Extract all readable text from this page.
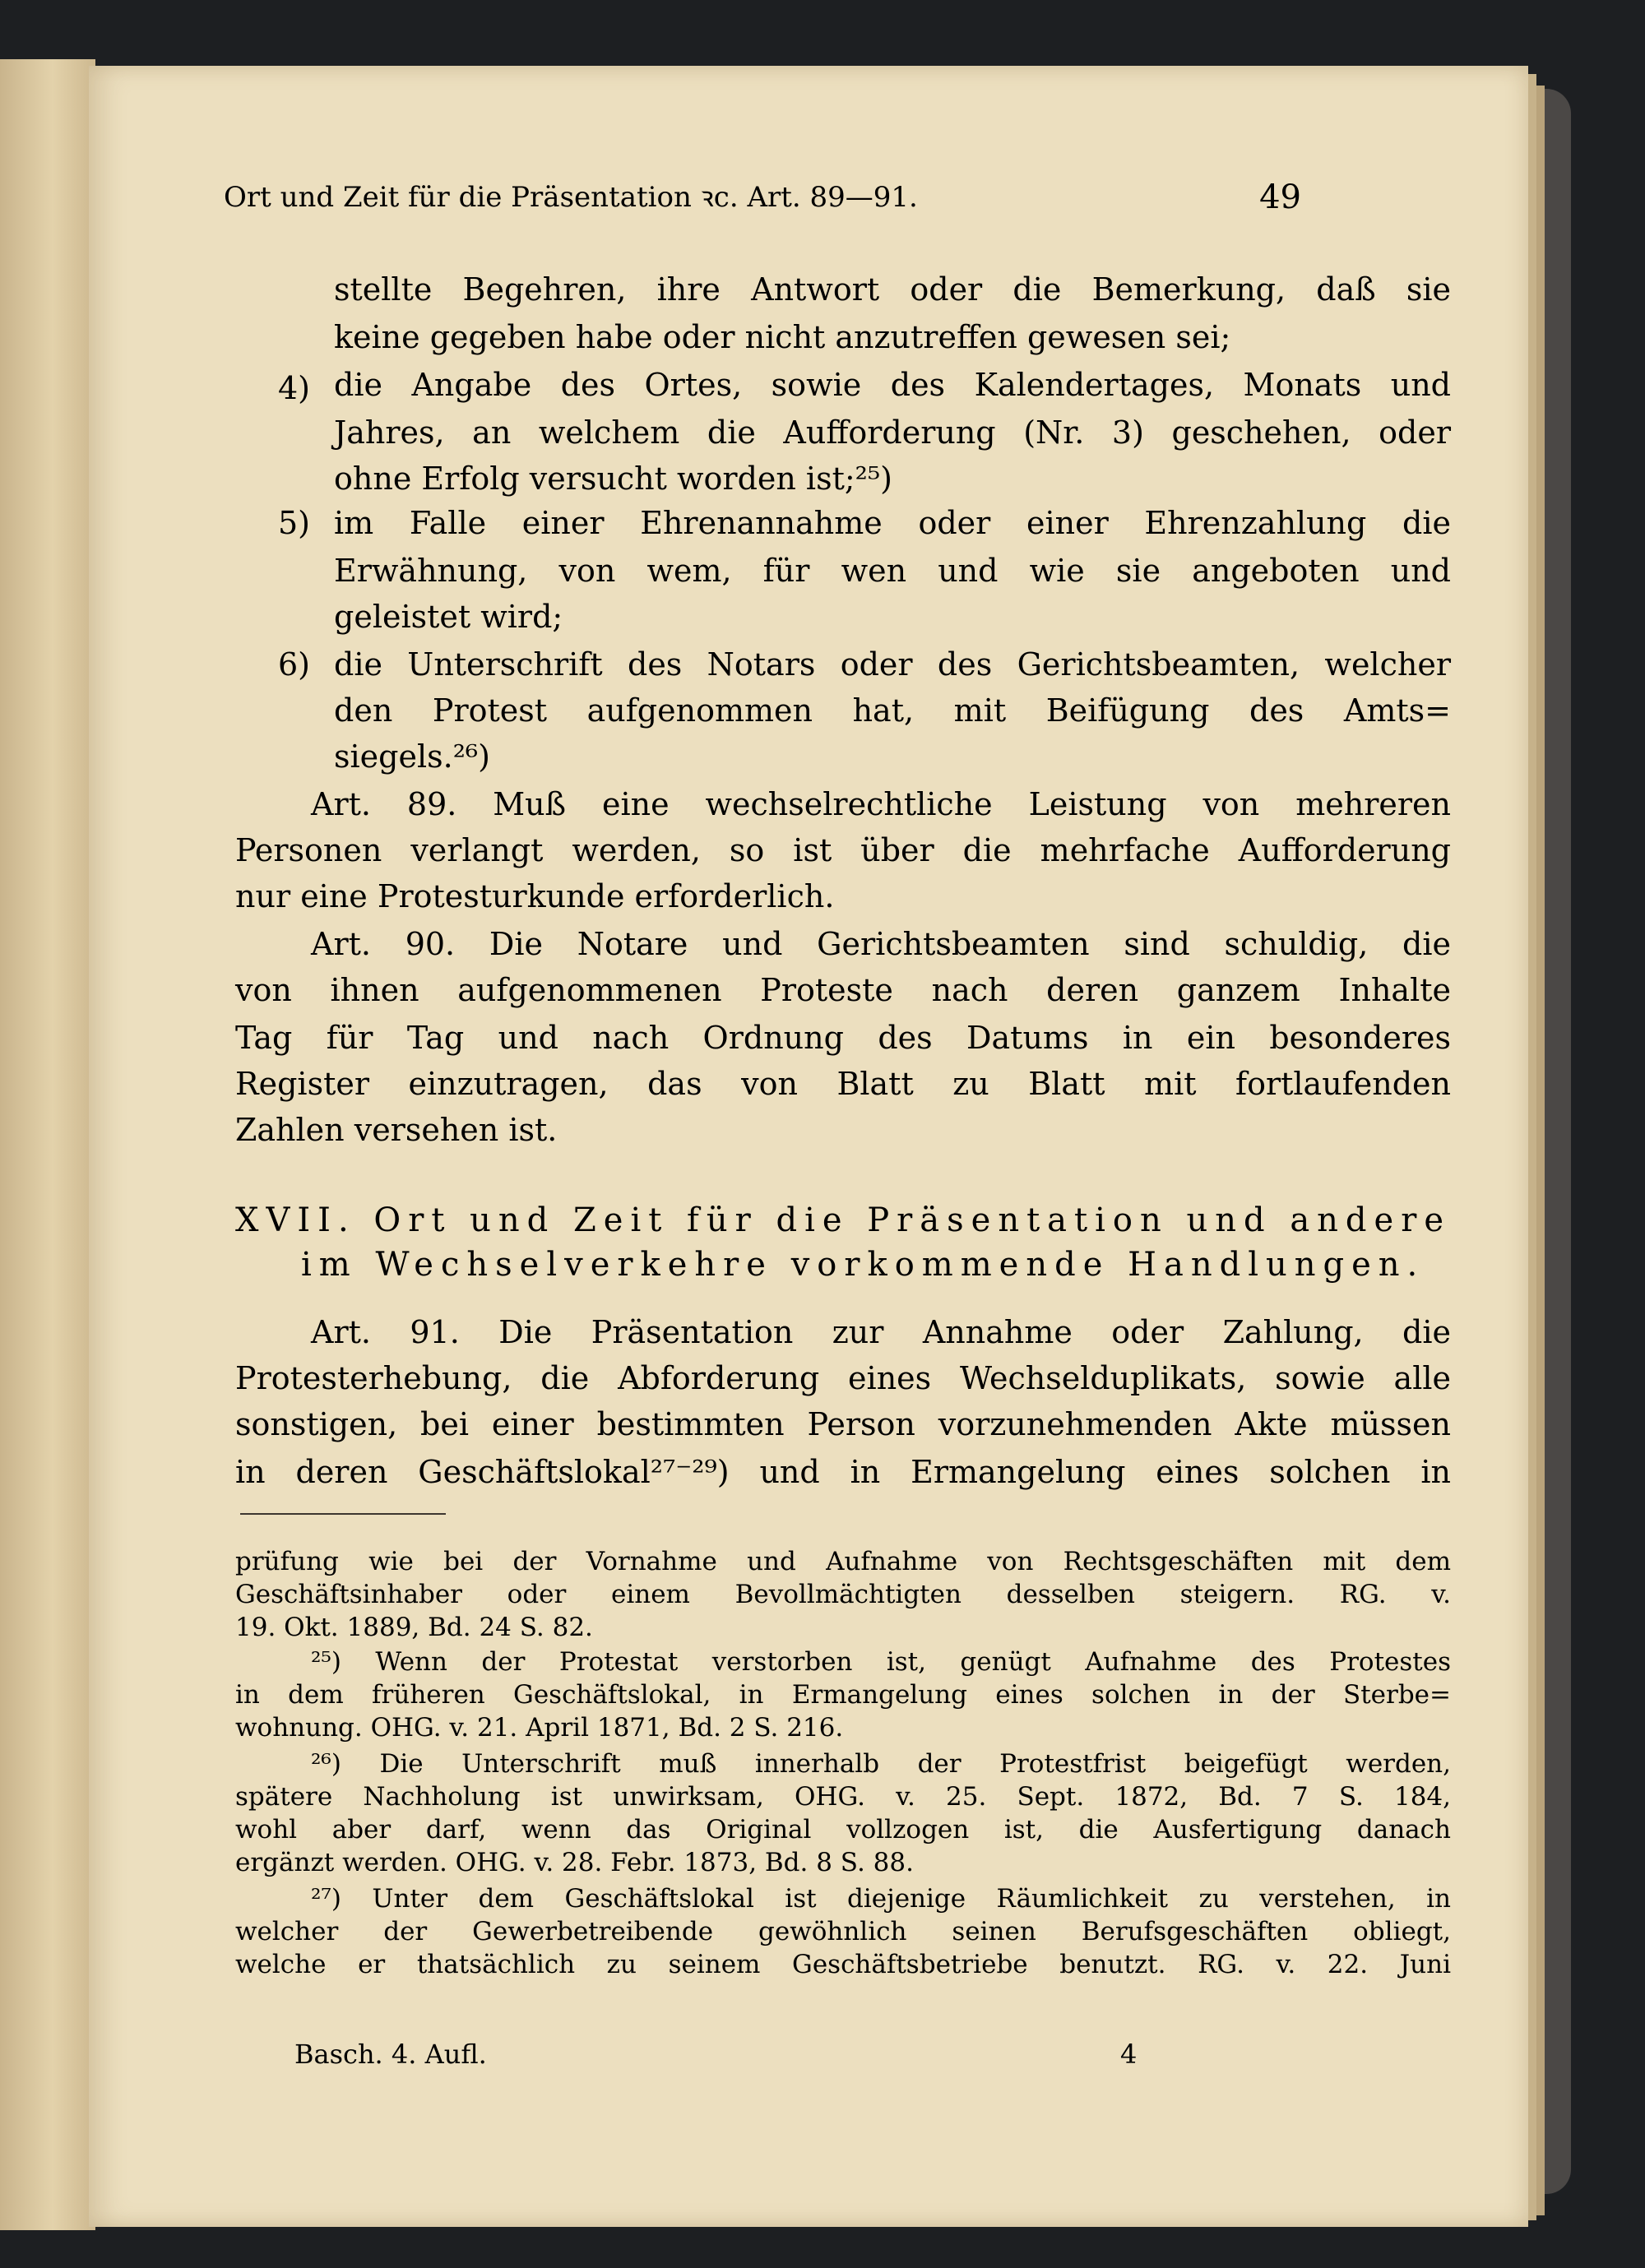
Ort und Zeit für die Präsentation ꝛc. Art. 89—91.	49
4)
5)
6)
stellte Begehren, ihre Antwort oder die Bemerkung, daß sie
keine gegeben habe oder nicht anzutreffen gewesen sei;
die Angabe des Ortes, sowie des Kalendertages, Monats und
Jahres, an welchem die Aufforderung (Nr. 3) geschehen, oder
ohne Erfolg versucht worden ist;²⁵)
im Falle einer Ehrenannahme oder einer Ehrenzahlung die
Erwähnung, von wem, für wen und wie sie angeboten und
geleistet wird;
die Unterschrift des Notars oder des Gerichtsbeamten, welcher
den Protest aufgenommen hat, mit Beifügung des Amts=
siegels.²⁶)
Art. 89. Muß eine wechselrechtliche Leistung von mehreren
Personen verlangt werden, so ist über die mehrfache Aufforderung
nur eine Protesturkunde erforderlich.
Art. 90. Die Notare und Gerichtsbeamten sind schuldig, die
von ihnen aufgenommenen Proteste nach deren ganzem Inhalte
Tag für Tag und nach Ordnung des Datums in ein besonderes
Register einzutragen, das von Blatt zu Blatt mit fortlaufenden
Zahlen versehen ist.
XVII. Ort und Zeit für die Präsentation und andere
im Wechselverkehre vorkommende Handlungen.
Art. 91. Die Präsentation zur Annahme oder Zahlung, die
Protesterhebung, die Abforderung eines Wechselduplikats, sowie alle
sonstigen, bei einer bestimmten Person vorzunehmenden Akte müssen
in deren Geschäftslokal²⁷⁻²⁹) und in Ermangelung eines solchen in
prüfung wie bei der Vornahme und Aufnahme von Rechtsgeschäften mit dem
Geschäftsinhaber oder einem Bevollmächtigten desselben steigern. RG. v.
19. Okt. 1889, Bd. 24 S. 82.
²⁵) Wenn der Protestat verstorben ist, genügt Aufnahme des Protestes
in dem früheren Geschäftslokal, in Ermangelung eines solchen in der Sterbe=
wohnung. OHG. v. 21. April 1871, Bd. 2 S. 216.
²⁶) Die Unterschrift muß innerhalb der Protestfrist beigefügt werden,
spätere Nachholung ist unwirksam, OHG. v. 25. Sept. 1872, Bd. 7 S. 184,
wohl aber darf, wenn das Original vollzogen ist, die Ausfertigung danach
ergänzt werden. OHG. v. 28. Febr. 1873, Bd. 8 S. 88.
²⁷) Unter dem Geschäftslokal ist diejenige Räumlichkeit zu verstehen, in
welcher der Gewerbetreibende gewöhnlich seinen Berufsgeschäften obliegt,
welche er thatsächlich zu seinem Geschäftsbetriebe benutzt. RG. v. 22. Juni
Basch. 4. Aufl.	4
